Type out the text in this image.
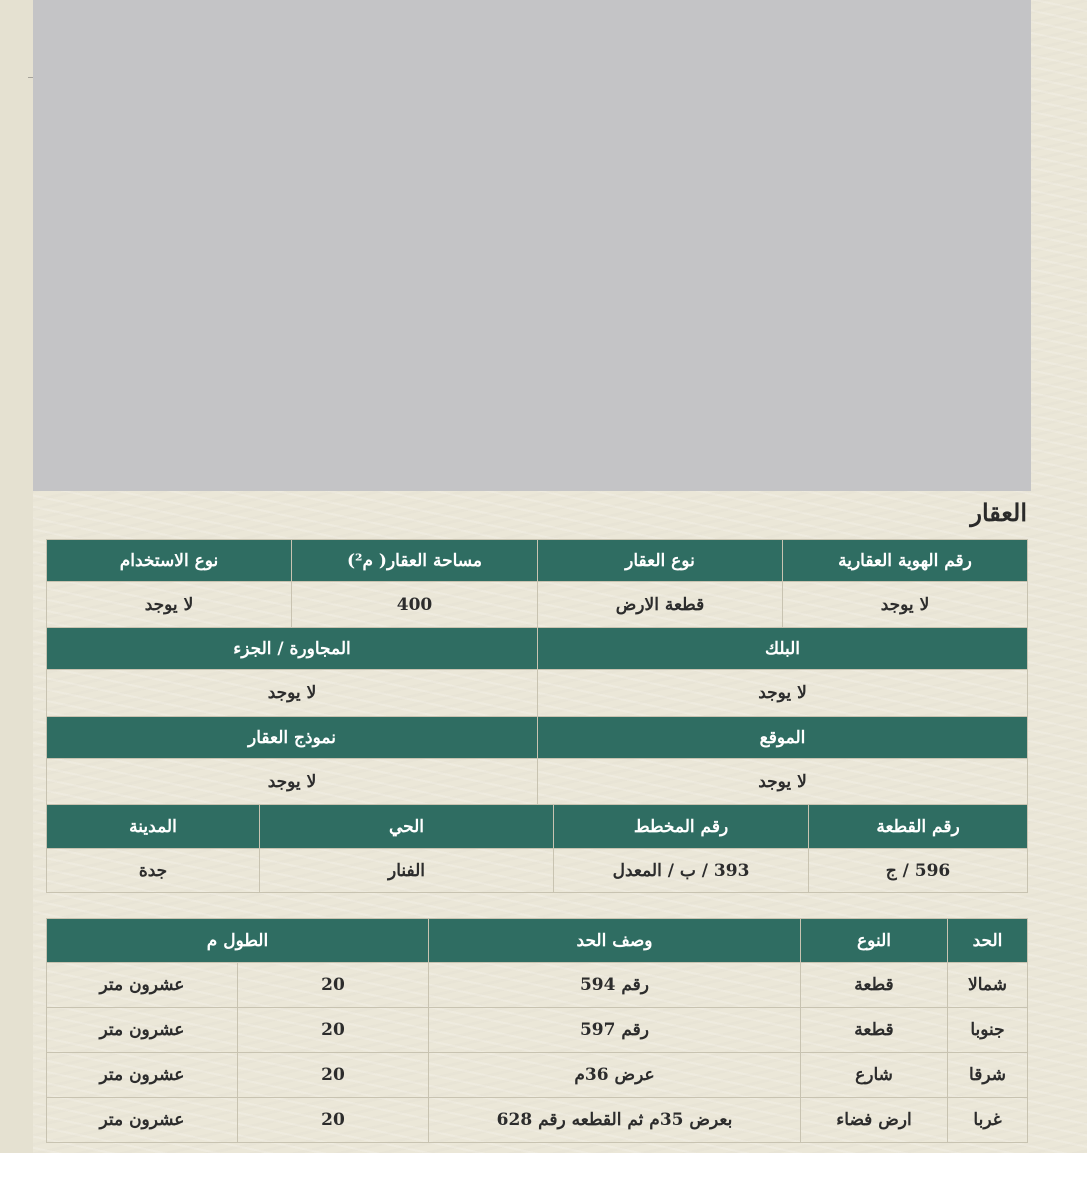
العقار
رقم الهوية العقارية	نوع العقار	مساحة العقار( م²)	نوع الاستخدام
لا يوجد	قطعة الارض	400	لا يوجد
البلك	المجاورة / الجزء
لا يوجد	لا يوجد
الموقع	نموذج العقار
لا يوجد	لا يوجد
رقم القطعة	رقم المخطط	الحي	المدينة
596 / ج	393 / ب / المعدل	الفنار	جدة
الحد	النوع	وصف الحد	الطول م	
شمالا	قطعة	رقم 594	20	عشرون متر
جنوبا	قطعة	رقم 597	20	عشرون متر
شرقا	شارع	عرض 36م	20	عشرون متر
غربا	ارض فضاء	بعرض 35م ثم القطعه رقم 628	20	عشرون متر
